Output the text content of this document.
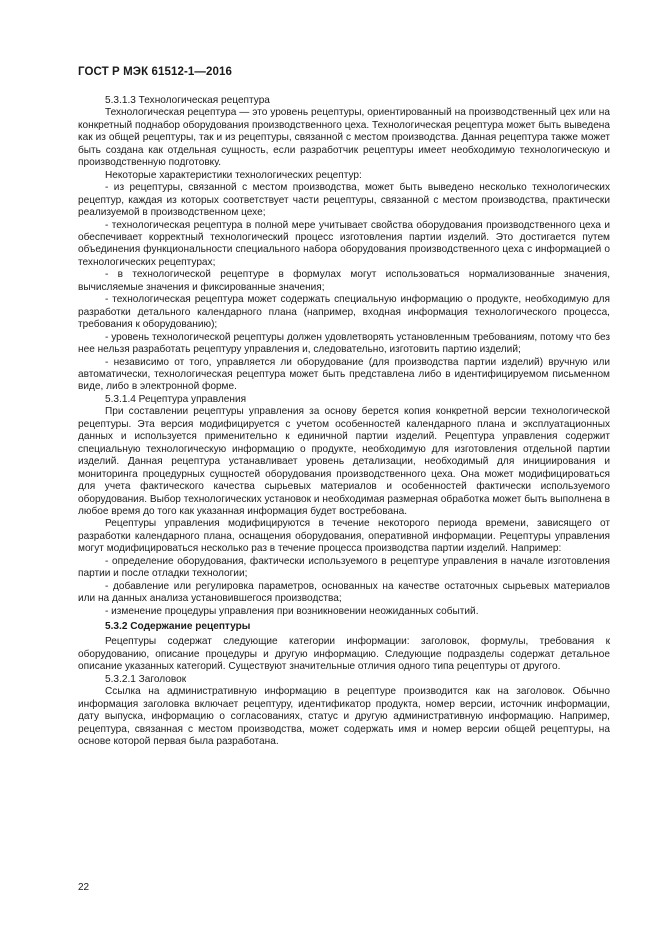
ГОСТ Р МЭК 61512-1—2016

5.3.1.3 Технологическая рецептура

Технологическая рецептура — это уровень рецептуры, ориентированный на производственный цех или на конкретный поднабор оборудования производственного цеха. Технологическая рецептура может быть выведена как из общей рецептуры, так и из рецептуры, связанной с местом производства. Данная рецептура также может быть создана как отдельная сущность, если разработчик рецептуры имеет необходимую технологическую и производственную подготовку.

Некоторые характеристики технологических рецептур:

- из рецептуры, связанной с местом производства, может быть выведено несколько технологических рецептур, каждая из которых соответствует части рецептуры, связанной с местом производства, практически реализуемой в производственном цехе;

- технологическая рецептура в полной мере учитывает свойства оборудования производственного цеха и обеспечивает корректный технологический процесс изготовления партии изделий. Это достигается путем объединения функциональности специального набора оборудования производственного цеха с информацией о технологических рецептурах;

- в технологической рецептуре в формулах могут использоваться нормализованные значения, вычисляемые значения и фиксированные значения;

- технологическая рецептура может содержать специальную информацию о продукте, необходимую для разработки детального календарного плана (например, входная информация технологического процесса, требования к оборудованию);

- уровень технологической рецептуры должен удовлетворять установленным требованиям, потому что без нее нельзя разработать рецептуру управления и, следовательно, изготовить партию изделий;

- независимо от того, управляется ли оборудование (для производства партии изделий) вручную или автоматически, технологическая рецептура может быть представлена либо в идентифицируемом письменном виде, либо в электронной форме.

5.3.1.4 Рецептура управления

При составлении рецептуры управления за основу берется копия конкретной версии технологической рецептуры. Эта версия модифицируется с учетом особенностей календарного плана и эксплуатационных данных и используется применительно к единичной партии изделий. Рецептура управления содержит специальную технологическую информацию о продукте, необходимую для изготовления отдельной партии изделий. Данная рецептура устанавливает уровень детализации, необходимый для инициирования и мониторинга процедурных сущностей оборудования производственного цеха. Она может модифицироваться для учета фактического качества сырьевых материалов и особенностей фактически используемого оборудования. Выбор технологических установок и необходимая размерная обработка может быть выполнена в любое время до того как указанная информация будет востребована.

Рецептуры управления модифицируются в течение некоторого периода времени, зависящего от разработки календарного плана, оснащения оборудования, оперативной информации. Рецептуры управления могут модифицироваться несколько раз в течение процесса производства партии изделий. Например:

- определение оборудования, фактически используемого в рецептуре управления в начале изготовления партии и после отладки технологии;

- добавление или регулировка параметров, основанных на качестве остаточных сырьевых материалов или на данных анализа установившегося производства;

- изменение процедуры управления при возникновении неожиданных событий.

5.3.2 Содержание рецептуры

Рецептуры содержат следующие категории информации: заголовок, формулы, требования к оборудованию, описание процедуры и другую информацию. Следующие подразделы содержат детальное описание указанных категорий. Существуют значительные отличия одного типа рецептуры от другого.

5.3.2.1 Заголовок

Ссылка на административную информацию в рецептуре производится как на заголовок. Обычно информация заголовка включает рецептуру, идентификатор продукта, номер версии, источник информации, дату выпуска, информацию о согласованиях, статус и другую административную информацию. Например, рецептура, связанная с местом производства, может содержать имя и номер версии общей рецептуры, на основе которой первая была разработана.

22
